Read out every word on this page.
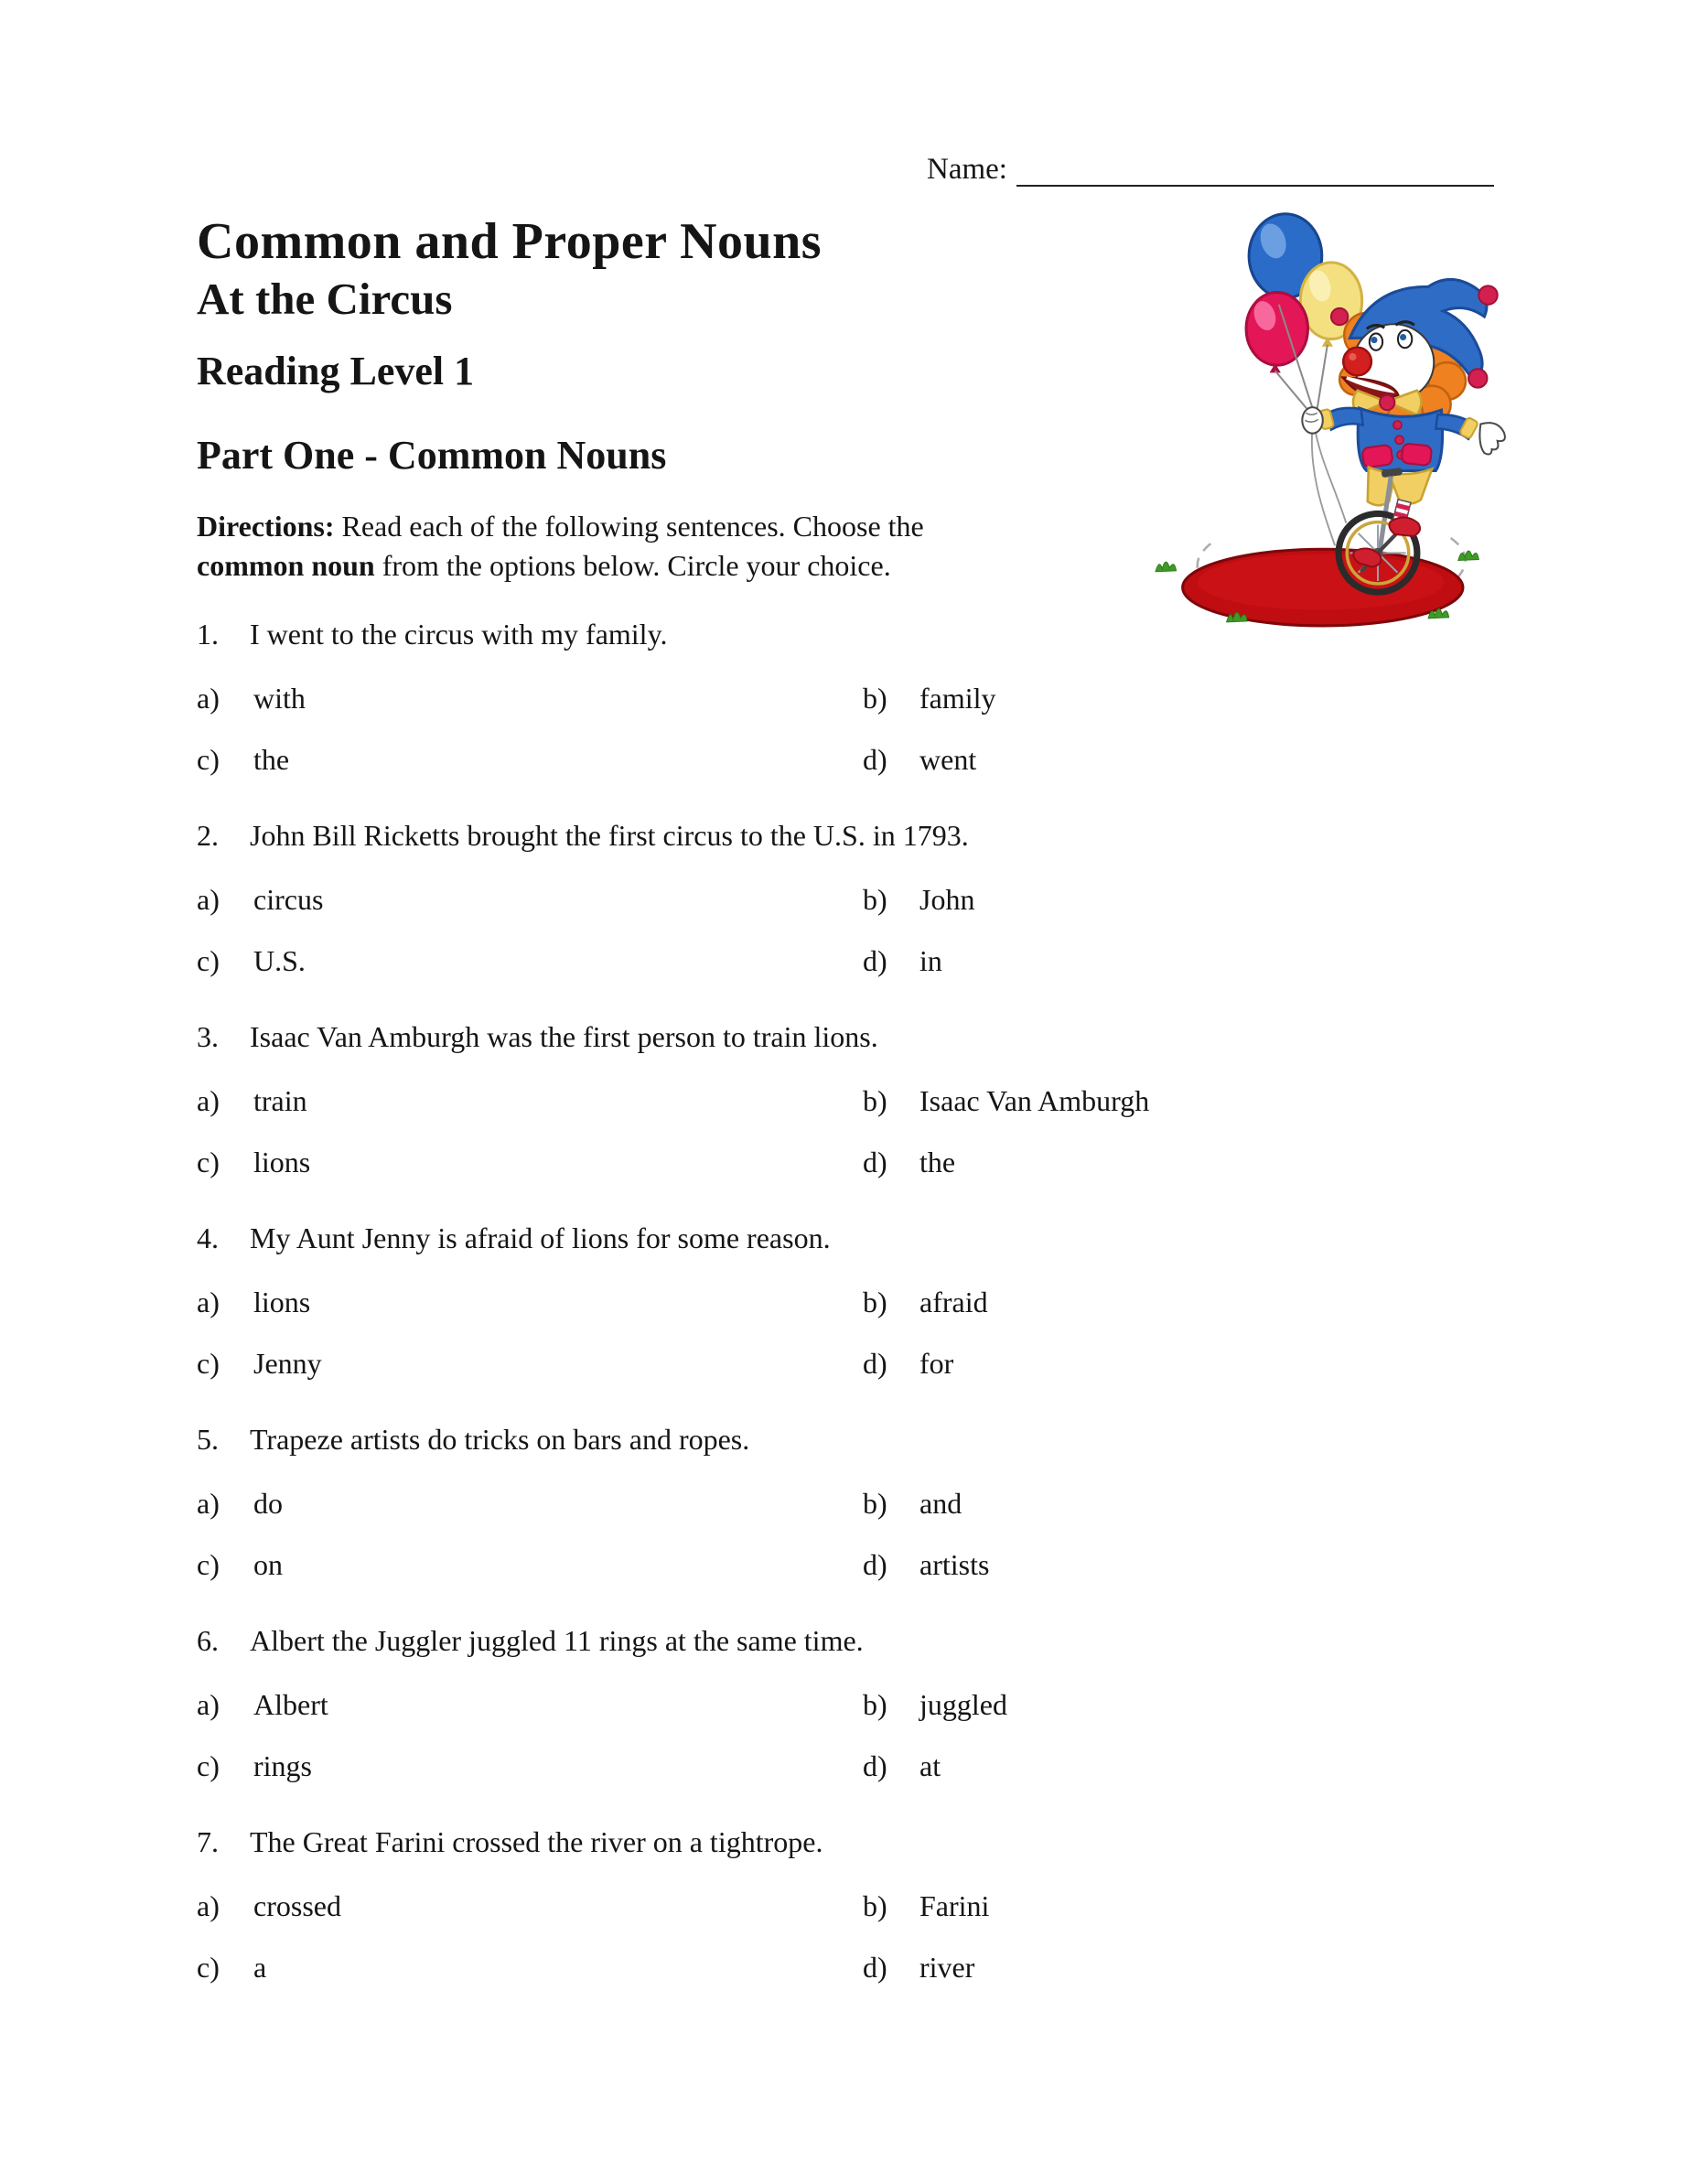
Name:
Common and Proper Nouns
At the Circus
Reading Level 1
Part One - Common Nouns

Directions: Read each of the following sentences. Choose the
common noun from the options below. Circle your choice.

1.	I went to the circus with my family.
a)	with	b)	family
c)	the	d)	went
2.	John Bill Ricketts brought the first circus to the U.S. in 1793.
a)	circus	b)	John
c)	U.S.	d)	in
3.	Isaac Van Amburgh was the first person to train lions.
a)	train	b)	Isaac Van Amburgh
c)	lions	d)	the
4.	My Aunt Jenny is afraid of lions for some reason.
a)	lions	b)	afraid
c)	Jenny	d)	for
5.	Trapeze artists do tricks on bars and ropes.
a)	do	b)	and
c)	on	d)	artists
6.	Albert the Juggler juggled 11 rings at the same time.
a)	Albert	b)	juggled
c)	rings	d)	at
7.	The Great Farini crossed the river on a tightrope.
a)	crossed	b)	Farini
c)	a	d)	river
